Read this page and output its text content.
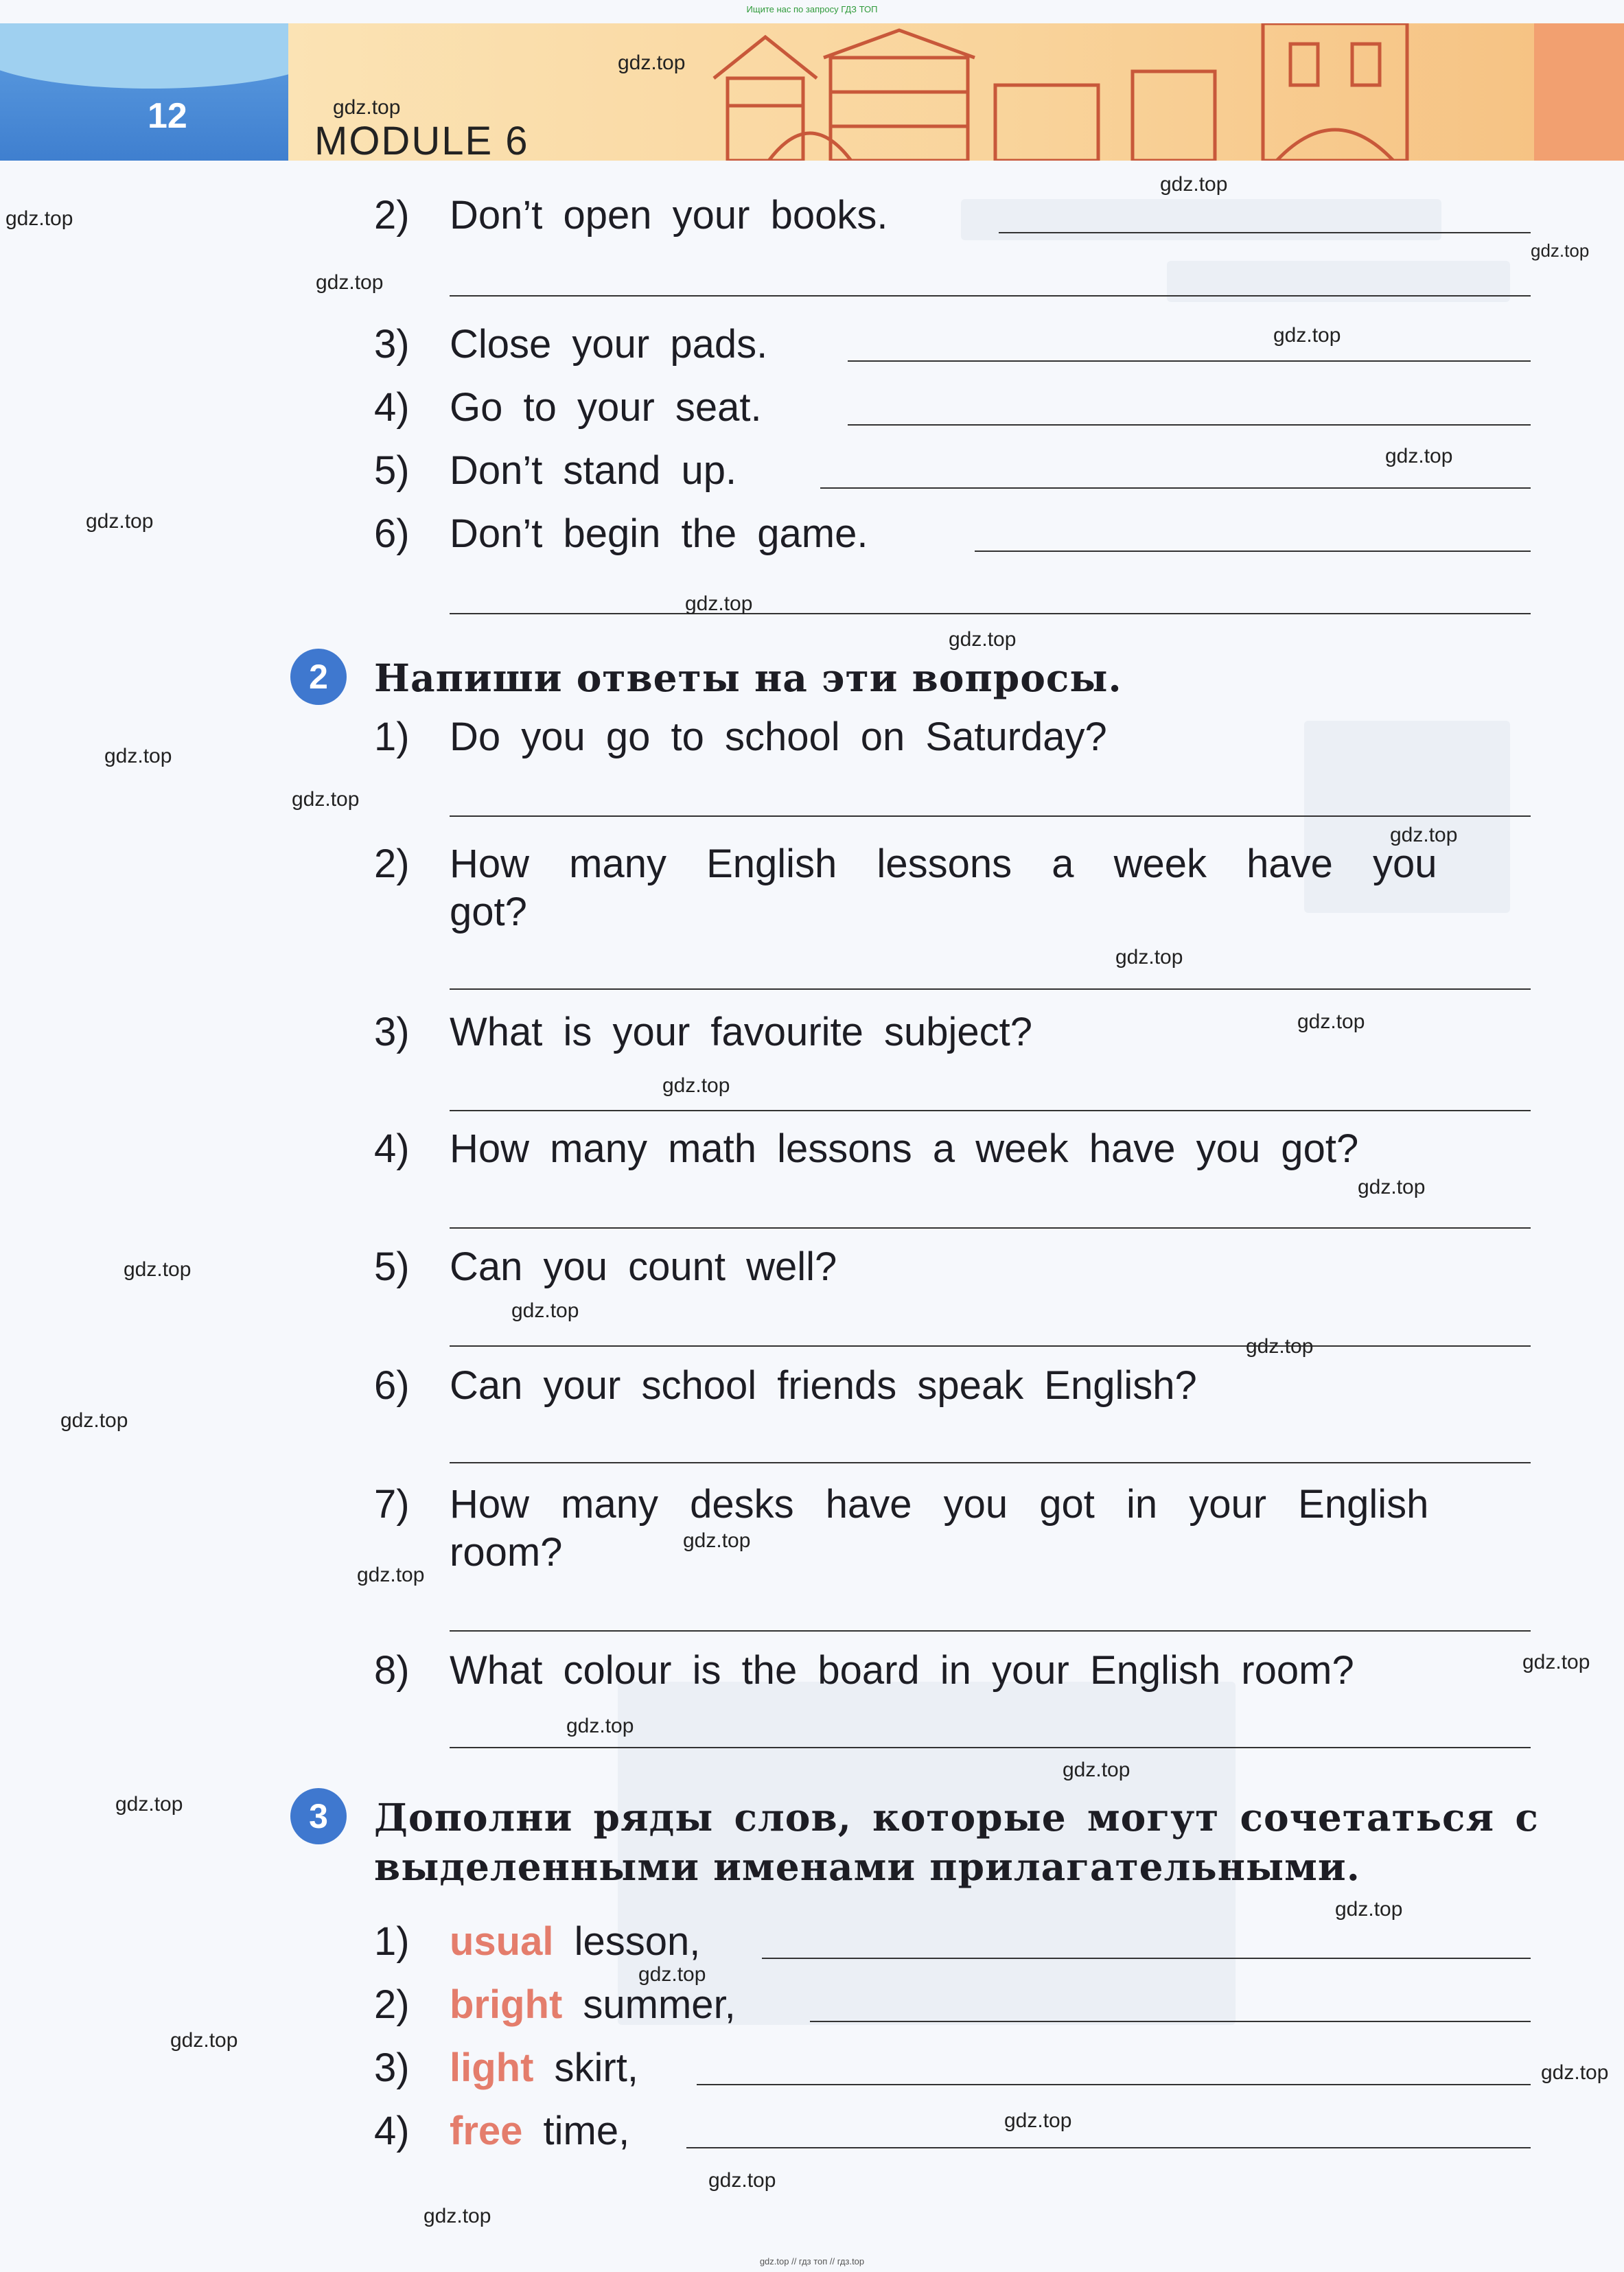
Ищите нас по запросу ГДЗ ТОП
12
MODULE 6
2) Don’t open your books.
3) Close your pads.
4) Go to your seat.
5) Don’t stand up.
6) Don’t begin the game.
2	Напиши ответы на эти вопросы.
1) Do you go to school on Saturday?
2) How many English lessons a week have you
got?
3) What is your favourite subject?
4) How many math lessons a week have you got?
5) Can you count well?
6) Can your school friends speak English?
7) How many desks have you got in your English
room?
8) What colour is the board in your English room?
3	Дополни ряды слов, которые могут сочетаться с
выделенными именами прилагательными.
1) usual lesson,
2) bright summer,
3) light skirt,
4) free time,
gdz.top
gdz.top
gdz.top
gdz.top
gdz.top
gdz.top
gdz.top
gdz.top
gdz.top
gdz.top
gdz.top
gdz.top
gdz.top
gdz.top
gdz.top
gdz.top
gdz.top
gdz.top
gdz.top
gdz.top
gdz.top
gdz.top
gdz.top
gdz.top
gdz.top
gdz.top
gdz.top
gdz.top
gdz.top
gdz.top
gdz.top
gdz.top
gdz.top
gdz.top
gdz.top
gdz.top // гдз топ // гдз.top
